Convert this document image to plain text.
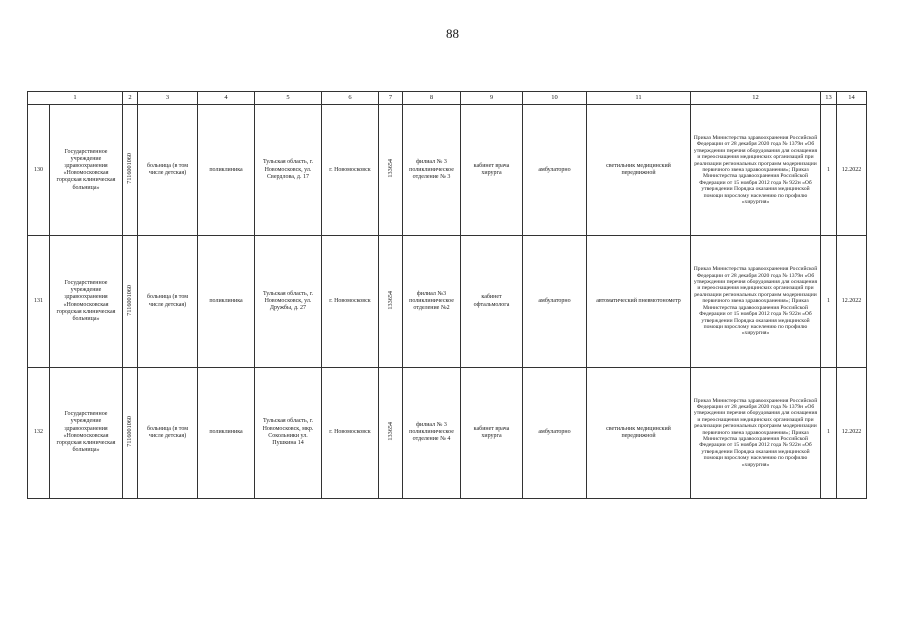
88
1		2	3	4	5	6	7	8	9	10	11	12	13	14
130	Государственное учреждение здравоохранения «Новомосковская городская клиническая больница»	7116001060	больница (в том числе детская)	поликлиника	Тульская область, г. Новомосковск, ул. Свердлова, д. 17	г. Новомосковск	133654	филиал № 3 поликлиническое отделение № 3	кабинет врача хирурга	амбулаторно	светильник медицинский передвижной	Приказ Министерства здравоохранения Российской Федерации от 28 декабря 2020 года № 1379н «Об утверждении перечня оборудования для оснащения и переоснащения медицинских организаций при реализации региональных программ модернизации первичного звена здравоохранения»; Приказ Министерства здравоохранения Российской Федерации от 15 ноября 2012 года № 922н «Об утверждении Порядка оказания медицинской помощи взрослому населению по профилю «хирургия»	1	12.2022
131	Государственное учреждение здравоохранения «Новомосковская городская клиническая больница»	7116001060	больница (в том числе детская)	поликлиника	Тульская область, г. Новомосковск, ул. Дружбы, д. 27	г. Новомосковск	133654	филиал №3 поликлиническое отделение №2	кабинет офтальмолога	амбулаторно	автоматический пневмотонометр	Приказ Министерства здравоохранения Российской Федерации от 28 декабря 2020 года № 1379н «Об утверждении перечня оборудования для оснащения и переоснащения медицинских организаций при реализации региональных программ модернизации первичного звена здравоохранения»; Приказ Министерства здравоохранения Российской Федерации от 15 ноября 2012 года № 922н «Об утверждении Порядка оказания медицинской помощи взрослому населению по профилю «хирургия»	1	12.2022
132	Государственное учреждение здравоохранения «Новомосковская городская клиническая больница»	7116001060	больница (в том числе детская)	поликлиника	Тульская область, г. Новомосковск, мкр. Сокольники ул. Пушкина 14	г. Новомосковск	133654	филиал № 3 поликлиническое отделение № 4	кабинет врача хирурга	амбулаторно	светильник медицинский передвижной	Приказ Министерства здравоохранения Российской Федерации от 28 декабря 2020 года № 1379н «Об утверждении перечня оборудования для оснащения и переоснащения медицинских организаций при реализации региональных программ модернизации первичного звена здравоохранения»; Приказ Министерства здравоохранения Российской Федерации от 15 ноября 2012 года № 922н «Об утверждении Порядка оказания медицинской помощи взрослому населению по профилю «хирургия»	1	12.2022
